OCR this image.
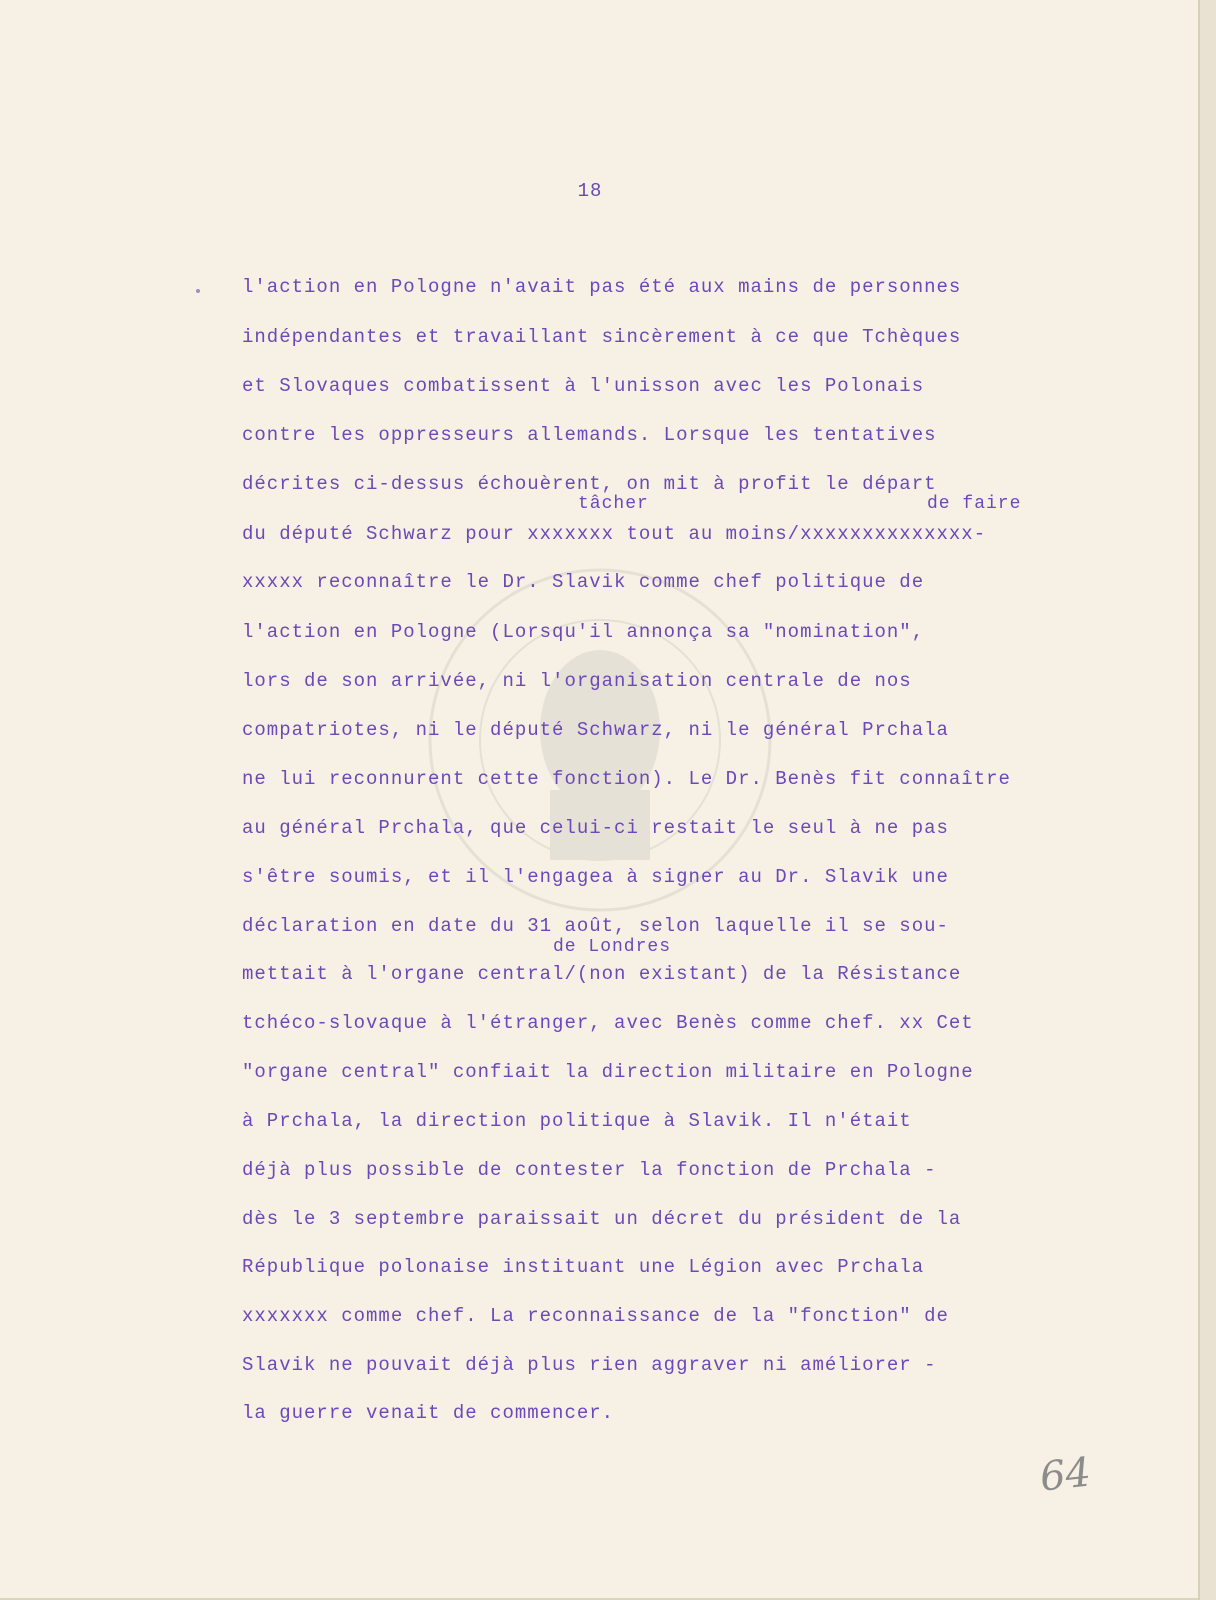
18
tâcher	de faire
de Londres

l'action en Pologne n'avait pas été aux mains de personnes

indépendantes et travaillant sincèrement à ce que Tchèques

et Slovaques combatissent à l'unisson avec les Polonais

contre les oppresseurs allemands. Lorsque les tentatives

décrites ci-dessus échouèrent, on mit à profit le départ

du député Schwarz pour xxxxxxx tout au moins/xxxxxxxxxxxxxx-

xxxxx reconnaître le Dr. Slavik comme chef politique de

l'action en Pologne (Lorsqu'il annonça sa "nomination",

lors de son arrivée, ni l'organisation centrale de nos

compatriotes, ni le député Schwarz, ni le général Prchala

ne lui reconnurent cette fonction). Le Dr. Benès fit connaître

au général Prchala, que celui-ci restait le seul à ne pas

s'être soumis, et il l'engagea à signer au Dr. Slavik une

déclaration en date du 31 août, selon laquelle il se sou-

mettait à l'organe central/(non existant) de la Résistance

tchéco-slovaque à l'étranger, avec Benès comme chef. xx Cet

"organe central" confiait la direction militaire en Pologne

à Prchala, la direction politique à Slavik. Il n'était

déjà plus possible de contester la fonction de Prchala -

dès le 3 septembre paraissait un décret du président de la

République polonaise instituant une Légion avec Prchala

xxxxxxx comme chef. La reconnaissance de la "fonction" de

Slavik ne pouvait déjà plus rien aggraver ni améliorer -

la guerre venait de commencer.

64
